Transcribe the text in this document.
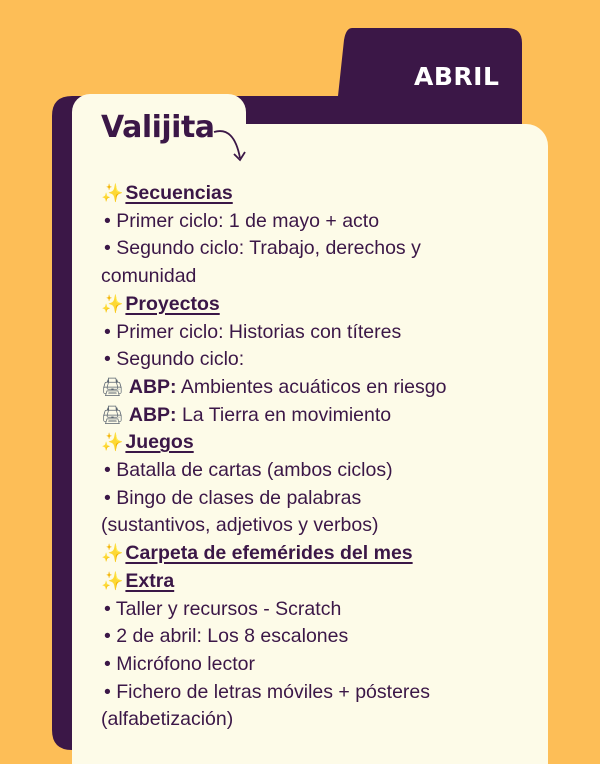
ABRIL
Valijita
✨ Secuencias
• Primer ciclo: 1 de mayo + acto
• Segundo ciclo: Trabajo, derechos y
comunidad
✨ Proyectos
• Primer ciclo: Historias con títeres
• Segundo ciclo:
🖨 ABP: Ambientes acuáticos en riesgo
🖨 ABP: La Tierra en movimiento
✨ Juegos
• Batalla de cartas (ambos ciclos)
• Bingo de clases de palabras
(sustantivos, adjetivos y verbos)
✨ Carpeta de efemérides del mes
✨ Extra
• Taller y recursos - Scratch
• 2 de abril: Los 8 escalones
• Micrófono lector
• Fichero de letras móviles + pósteres
(alfabetización)
